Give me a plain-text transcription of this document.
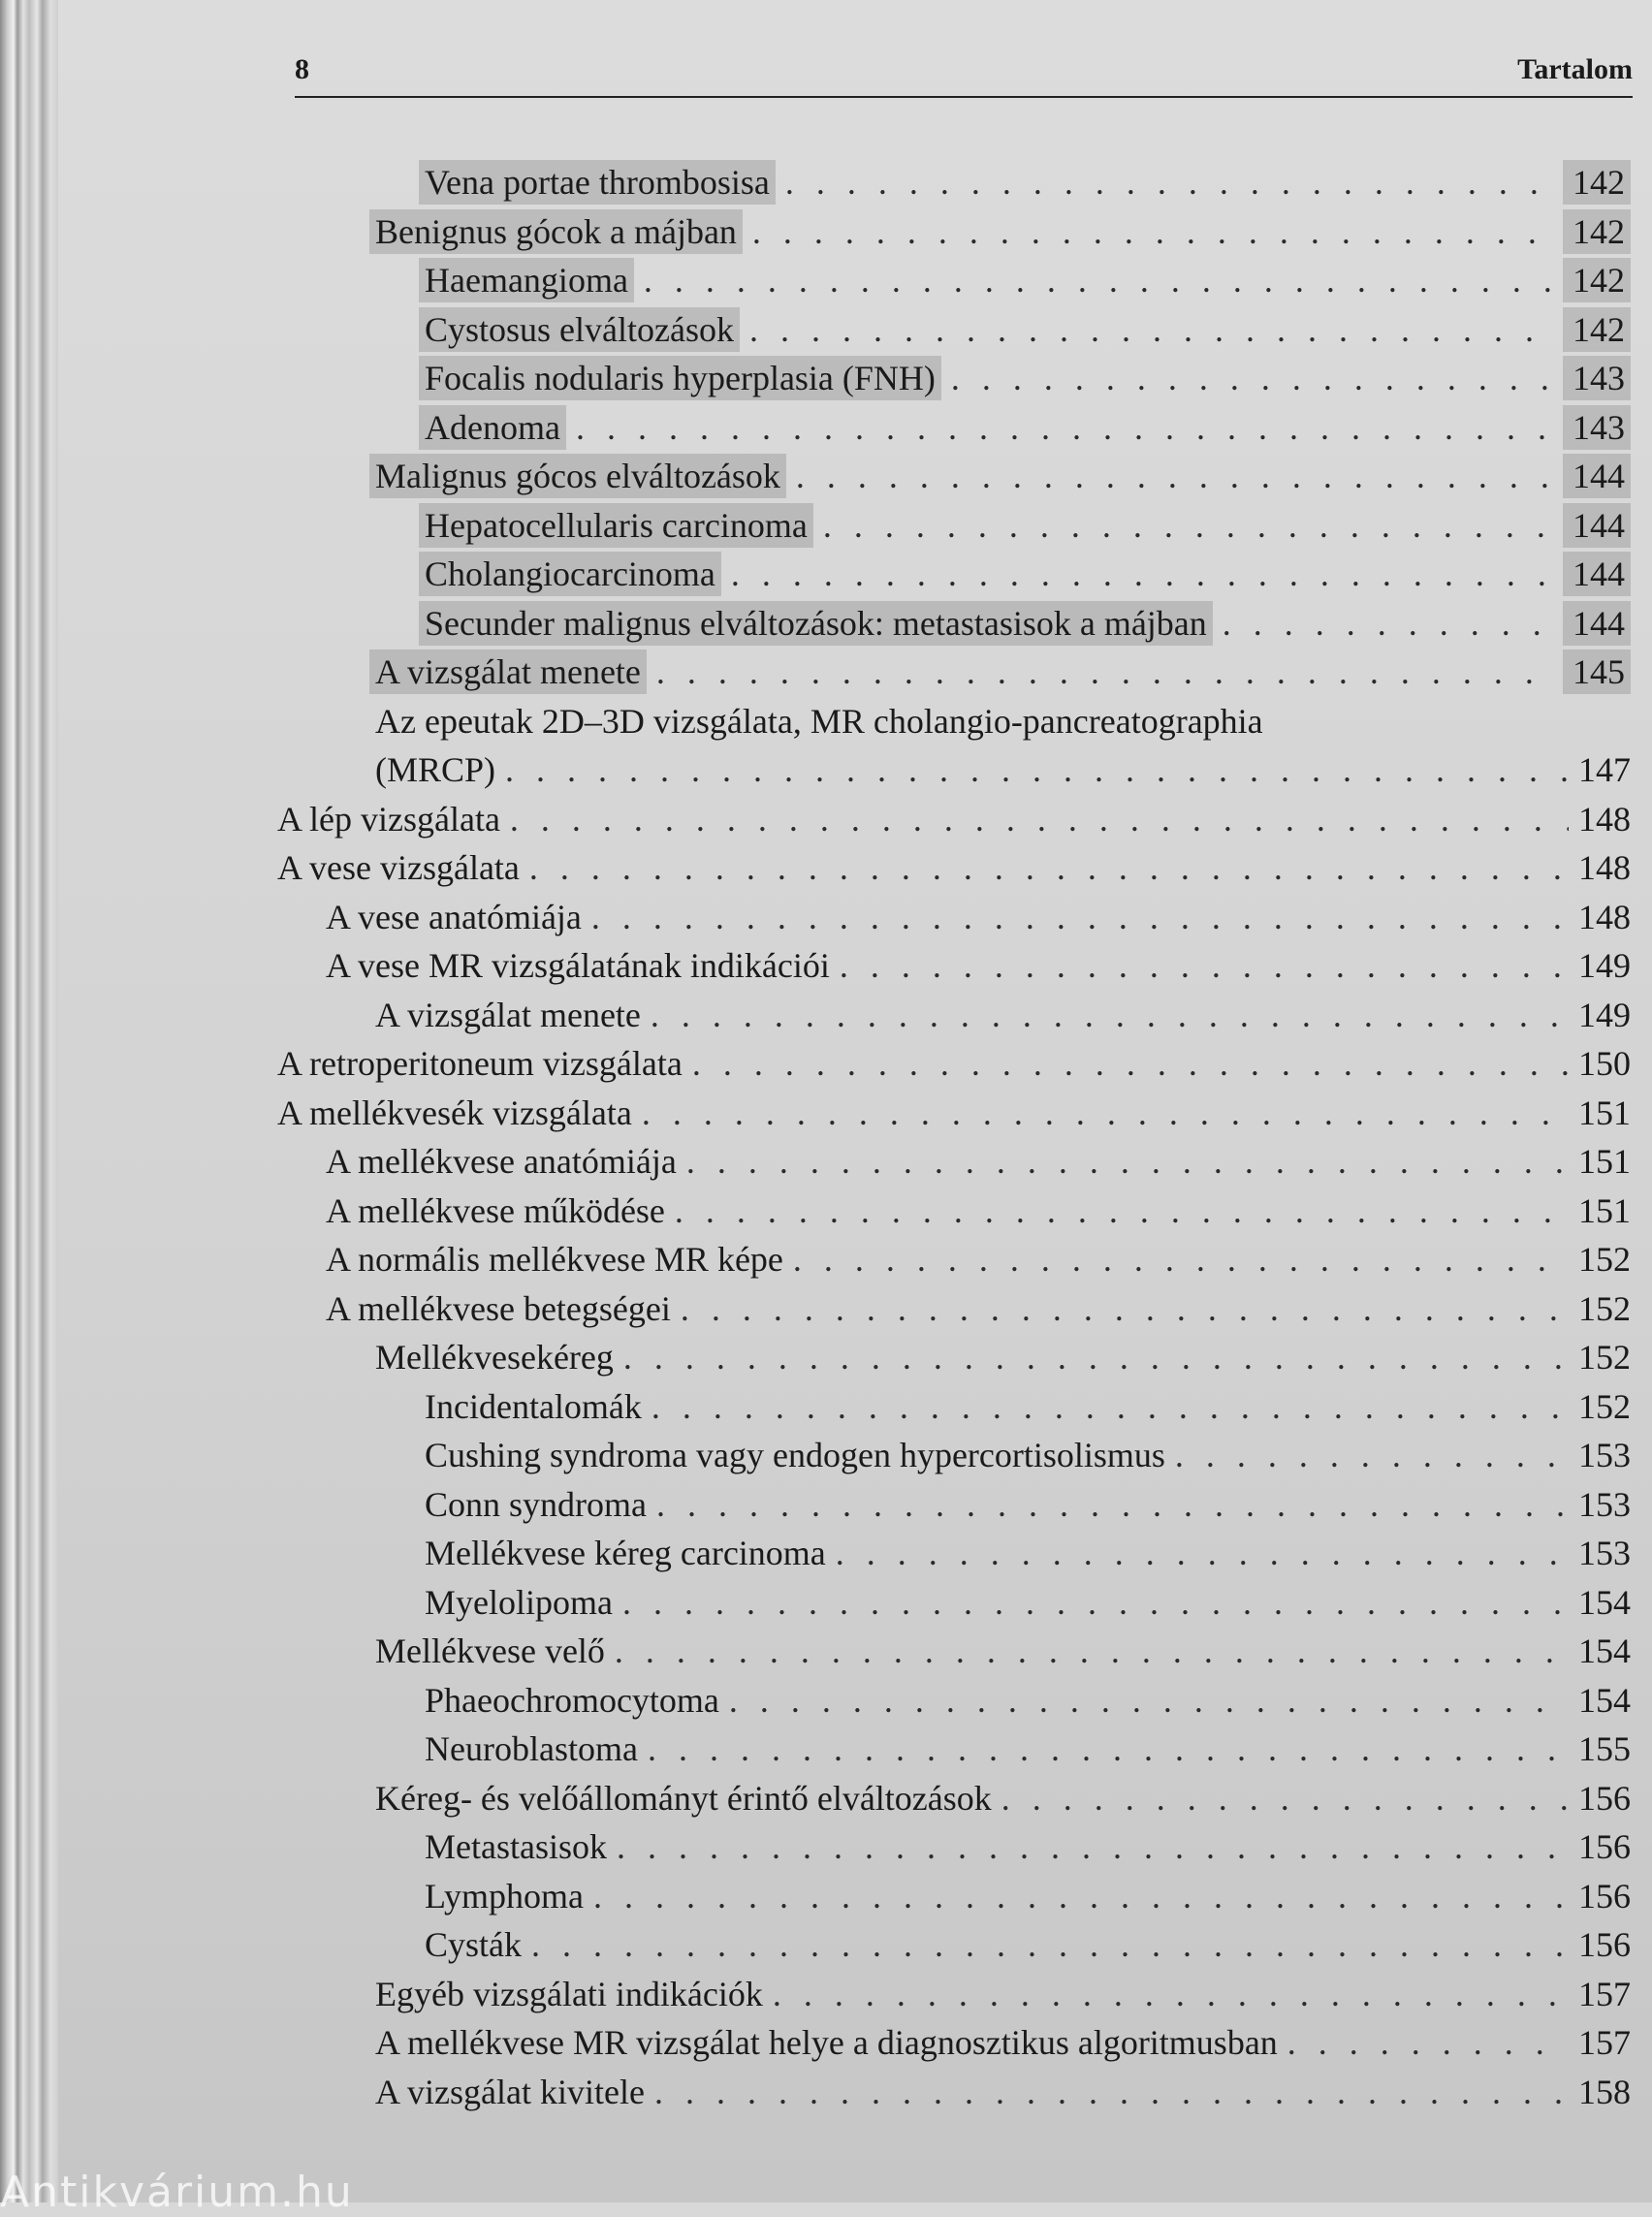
8	Tartalom
Vena portae thrombosisa . . .	142
Benignus gócok a májban . . .	142
Haemangioma . . .	142
Cystosus elváltozások . . .	142
Focalis nodularis hyperplasia (FNH) . . .	143
Adenoma . . .	143
Malignus gócos elváltozások . . .	144
Hepatocellularis carcinoma . . .	144
Cholangiocarcinoma . . .	144
Secunder malignus elváltozások: metastasisok a májban . . .	144
A vizsgálat menete . . .	145
Az epeutak 2D–3D vizsgálata, MR cholangio-pancreatographia
(MRCP) . . .	147
A lép vizsgálata . . .	148
A vese vizsgálata . . .	148
A vese anatómiája . . .	148
A vese MR vizsgálatának indikációi . . .	149
A vizsgálat menete . . .	149
A retroperitoneum vizsgálata . . .	150
A mellékvesék vizsgálata . . .	151
A mellékvese anatómiája . . .	151
A mellékvese működése . . .	151
A normális mellékvese MR képe . . .	152
A mellékvese betegségei . . .	152
Mellékvesekéreg . . .	152
Incidentalomák . . .	152
Cushing syndroma vagy endogen hypercortisolismus . . .	153
Conn syndroma . . .	153
Mellékvese kéreg carcinoma . . .	153
Myelolipoma . . .	154
Mellékvese velő . . .	154
Phaeochromocytoma . . .	154
Neuroblastoma . . .	155
Kéreg- és velőállományt érintő elváltozások . . .	156
Metastasisok . . .	156
Lymphoma . . .	156
Cysták . . .	156
Egyéb vizsgálati indikációk . . .	157
A mellékvese MR vizsgálat helye a diagnosztikus algoritmusban . . .	157
A vizsgálat kivitele . . .	158
Antikvárium.hu
